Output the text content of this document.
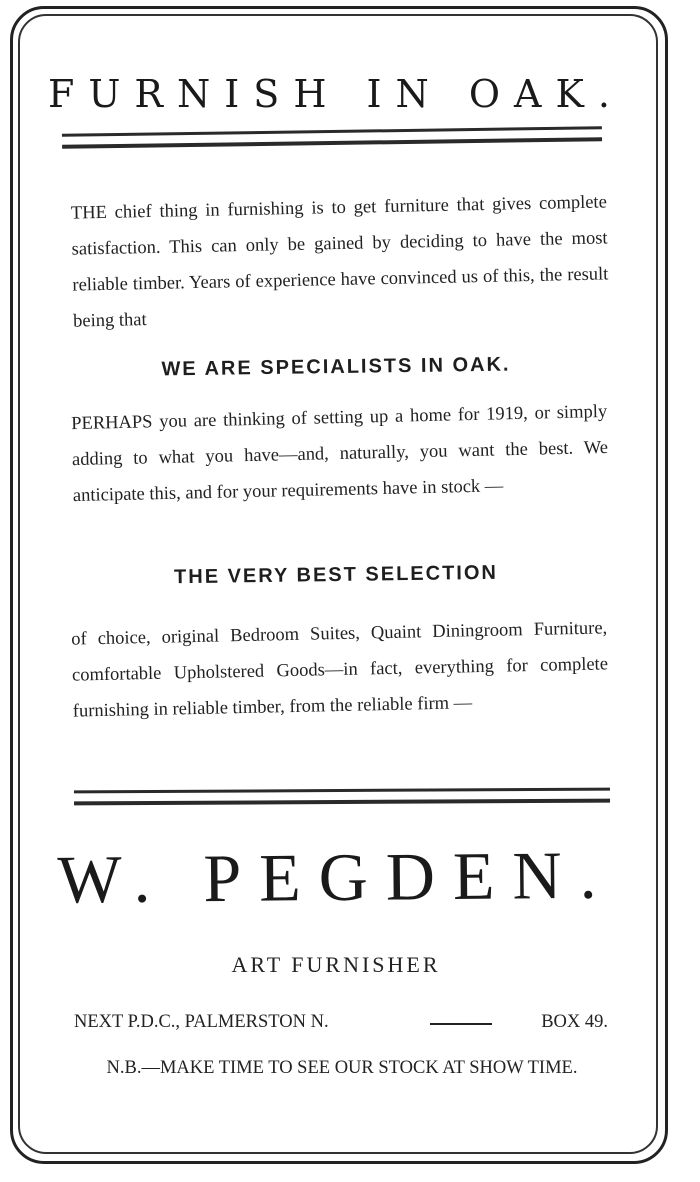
FURNISH IN OAK.
THE chief thing in furnishing is to get furniture that gives complete satisfaction. This can only be gained by deciding to have the most reliable timber. Years of experience have convinced us of this, the result being that
WE ARE SPECIALISTS IN OAK.
PERHAPS you are thinking of setting up a home for 1919, or simply adding to what you have—and, naturally, you want the best. We anticipate this, and for your requirements have in stock —
THE VERY BEST SELECTION
of choice, original Bedroom Suites, Quaint Diningroom Furniture, comfortable Upholstered Goods—in fact, everything for complete furnishing in reliable timber, from the reliable firm —
W. PEGDEN.
ART FURNISHER
NEXT P.D.C., PALMERSTON N.	BOX 49.
N.B.—MAKE TIME TO SEE OUR STOCK AT SHOW TIME.
